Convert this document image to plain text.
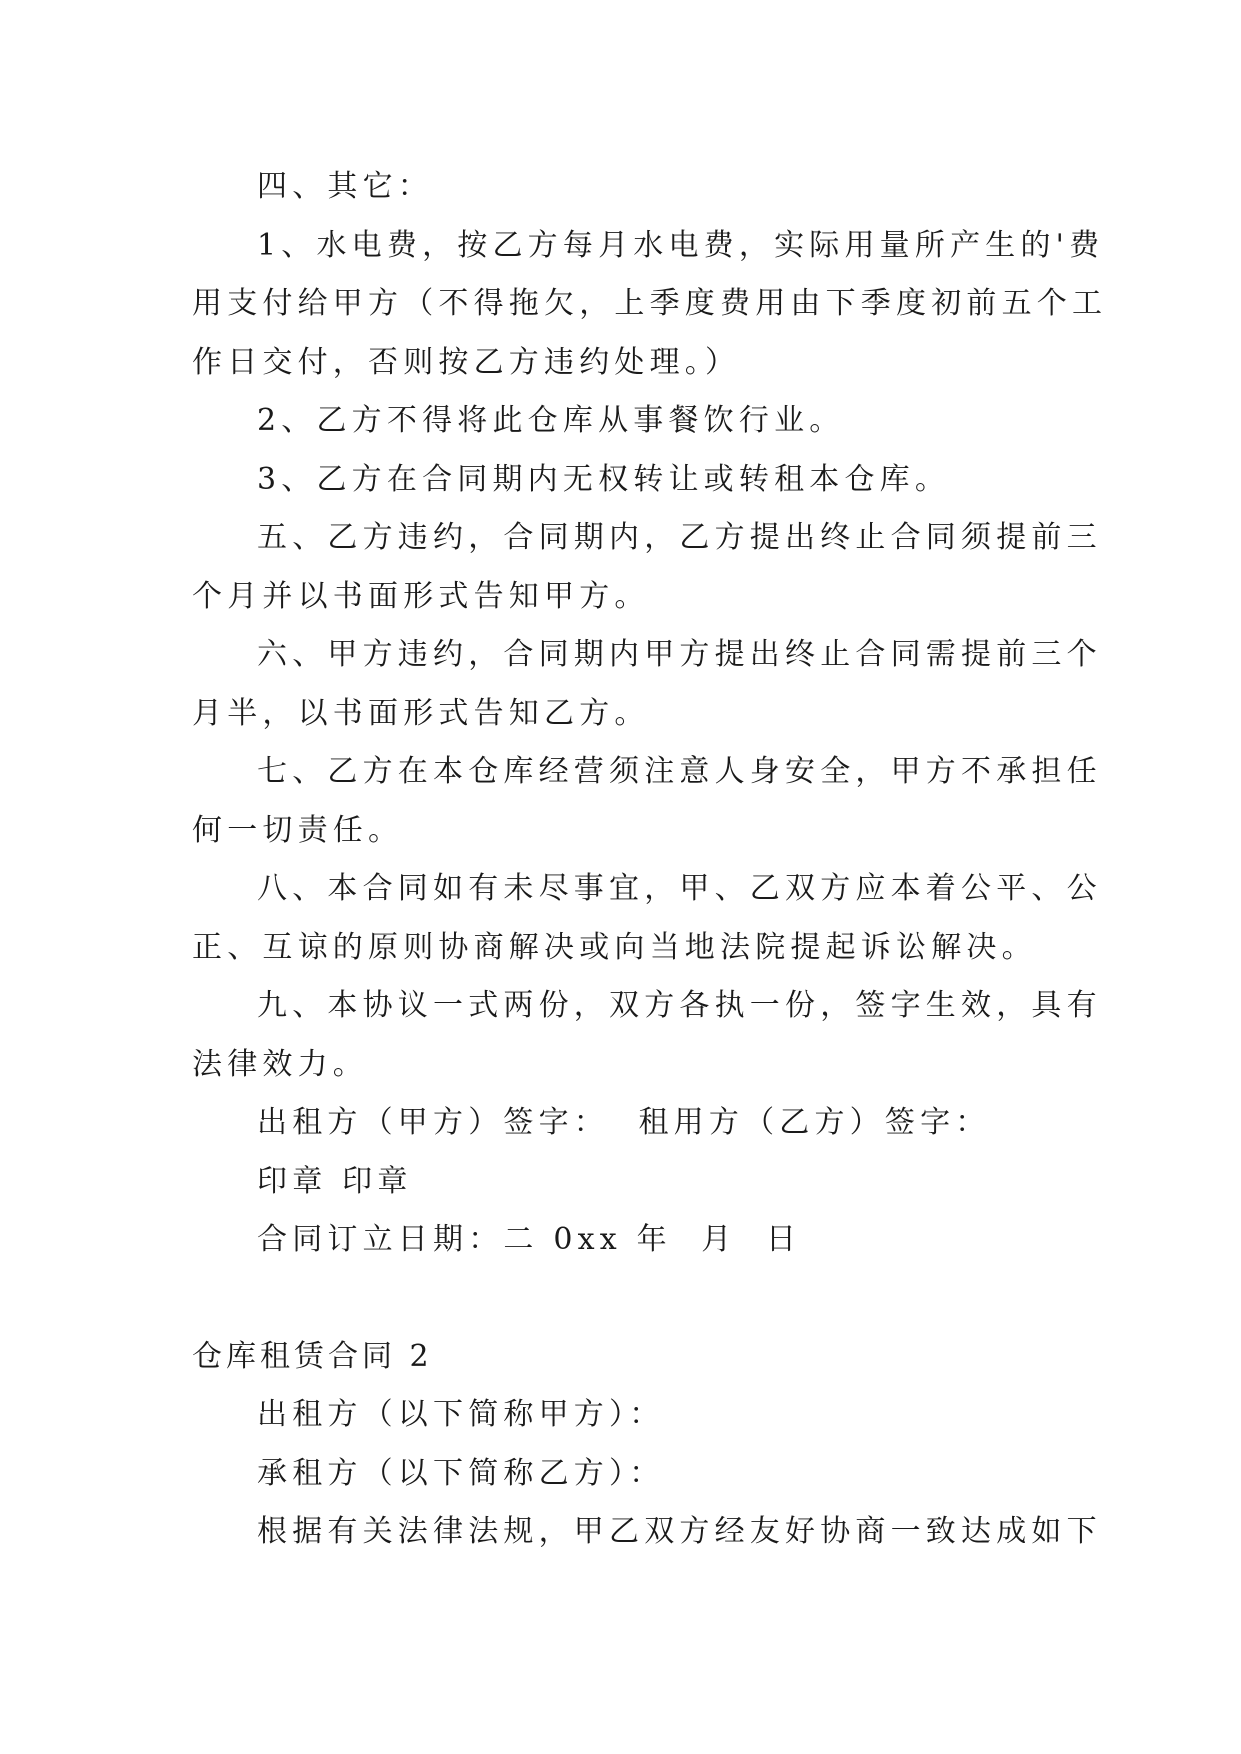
四、其它：

1、水电费，按乙方每月水电费，实际用量所产生的'费

用支付给甲方（不得拖欠，上季度费用由下季度初前五个工

作日交付，否则按乙方违约处理。）

2、乙方不得将此仓库从事餐饮行业。

3、乙方在合同期内无权转让或转租本仓库。

五、乙方违约，合同期内，乙方提出终止合同须提前三

个月并以书面形式告知甲方。

六、甲方违约，合同期内甲方提出终止合同需提前三个

月半，以书面形式告知乙方。

七、乙方在本仓库经营须注意人身安全，甲方不承担任

何一切责任。

八、本合同如有未尽事宜，甲、乙双方应本着公平、公

正、互谅的原则协商解决或向当地法院提起诉讼解决。

九、本协议一式两份，双方各执一份，签字生效，具有

法律效力。

出租方（甲方）签字：  租用方（乙方）签字：

印章 印章

合同订立日期：二 0xx 年  月  日

仓库租赁合同 2

出租方（以下简称甲方）：

承租方（以下简称乙方）：

根据有关法律法规，甲乙双方经友好协商一致达成如下
